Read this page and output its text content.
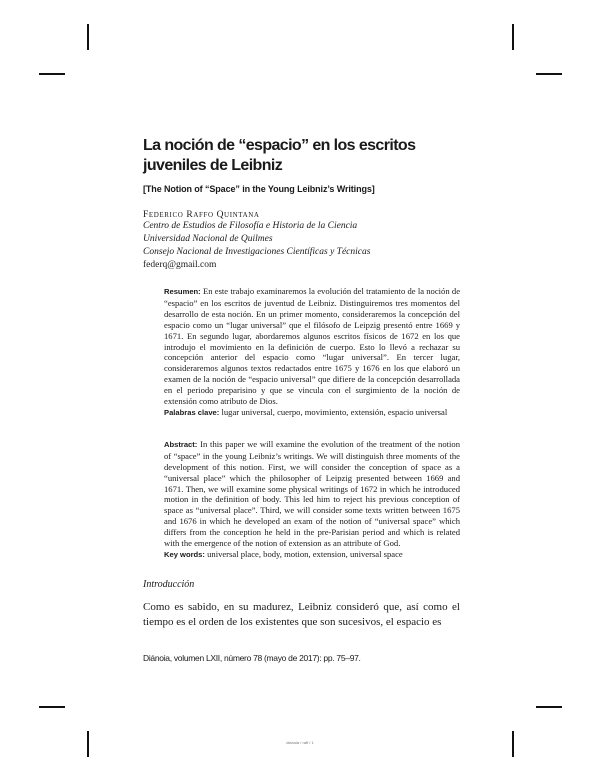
La noción de “espacio” en los escritos juveniles de Leibniz
[The Notion of “Space” in the Young Leibniz’s Writings]
Federico Raffo Quintana
Centro de Estudios de Filosofía e Historia de la Ciencia
Universidad Nacional de Quilmes
Consejo Nacional de Investigaciones Científicas y Técnicas
federq@gmail.com
Resumen: En este trabajo examinaremos la evolución del tratamiento de la noción de “espacio” en los escritos de juventud de Leibniz. Distinguiremos tres momentos del desarrollo de esta noción. En un primer momento, consideraremos la concepción del espacio como un “lugar universal” que el filósofo de Leipzig presentó entre 1669 y 1671. En segundo lugar, abordaremos algunos escritos físicos de 1672 en los que introdujo el movimiento en la definición de cuerpo. Esto lo llevó a rechazar su concepción anterior del espacio como “lugar universal”. En tercer lugar, consideraremos algunos textos redactados entre 1675 y 1676 en los que elaboró un examen de la noción de “espacio universal” que difiere de la concepción desarrollada en el periodo preparisino y que se vincula con el surgimiento de la noción de extensión como atributo de Dios.
Palabras clave: lugar universal, cuerpo, movimiento, extensión, espacio universal
Abstract: In this paper we will examine the evolution of the treatment of the notion of “space” in the young Leibniz’s writings. We will distinguish three moments of the development of this notion. First, we will consider the conception of space as a “universal place” which the philosopher of Leipzig presented between 1669 and 1671. Then, we will examine some physical writings of 1672 in which he introduced motion in the definition of body. This led him to reject his previous conception of space as “universal place”. Third, we will consider some texts written between 1675 and 1676 in which he developed an exam of the notion of “universal space” which differs from the conception he held in the pre-Parisian period and which is related with the emergence of the notion of extension as an attribute of God.
Key words: universal place, body, motion, extension, universal space
Introducción
Como es sabido, en su madurez, Leibniz consideró que, así como el tiempo es el orden de los existentes que son sucesivos, el espacio es
Diánoia, volumen LXII, número 78 (mayo de 2017): pp. 75–97.
dianoia / raff / 1
